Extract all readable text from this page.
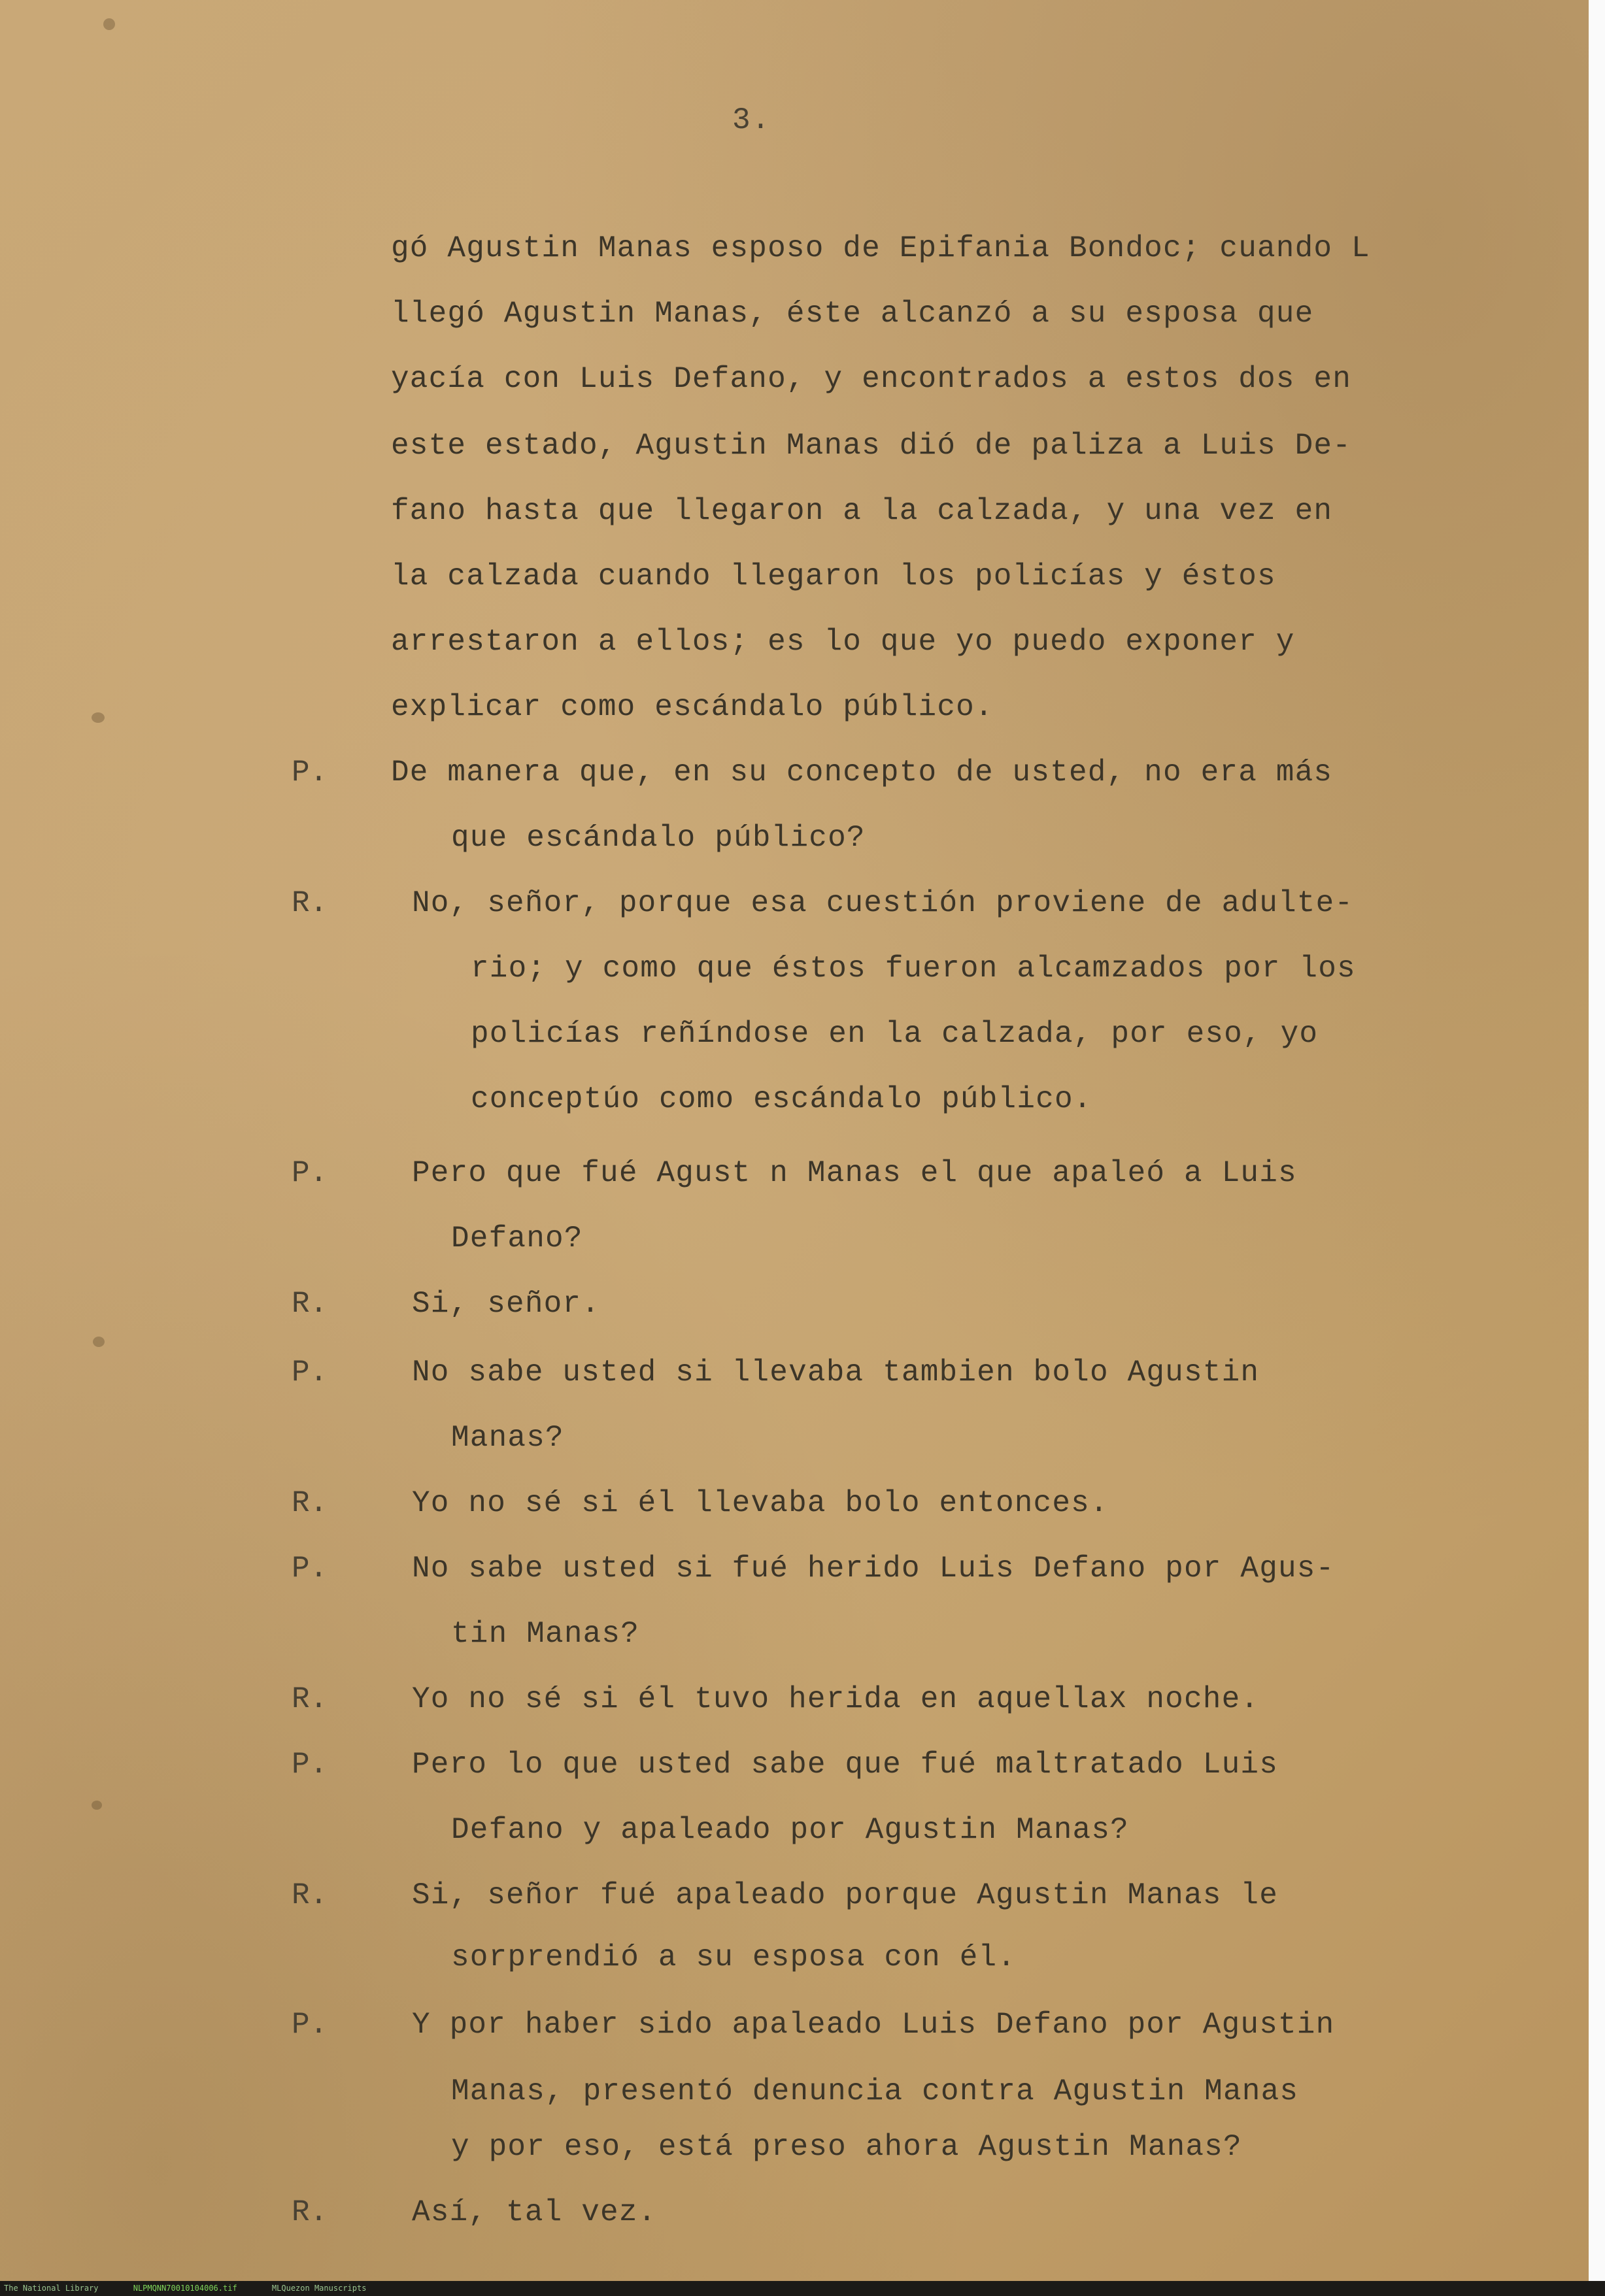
3.
gó Agustin Manas esposo de Epifania Bondoc; cuando L
llegó Agustin Manas, éste alcanzó a su esposa que
yacía con Luis Defano, y encontrados a estos dos en
este estado, Agustin Manas dió de paliza a Luis De-
fano hasta que llegaron a la calzada, y una vez en
la calzada cuando llegaron los policías y éstos
arrestaron a ellos; es lo que yo puedo exponer y
explicar como escándalo público.
P. De manera que, en su concepto de usted, no era más
que escándalo público?
R.	No, señor, porque esa cuestión proviene de adulte-
rio; y como que éstos fueron alcamzados por los
policías reñíndose en la calzada, por eso, yo
conceptúo como escándalo público.
P.	Pero que fué Agust n Manas el que apaleó a Luis
Defano?
R.	Si, señor.
P.	No sabe usted si llevaba tambien bolo Agustin
Manas?
R.	Yo no sé si él llevaba bolo entonces.
P.	No sabe usted si fué herido Luis Defano por Agus-
tin Manas?
R.	Yo no sé si él tuvo herida en aquellax noche.
P.	Pero lo que usted sabe que fué maltratado Luis
Defano y apaleado por Agustin Manas?
R.	Si, señor fué apaleado porque Agustin Manas le
sorprendió a su esposa con él.
P.	Y por haber sido apaleado Luis Defano por Agustin
Manas, presentó denuncia contra Agustin Manas
y por eso, está preso ahora Agustin Manas?
R.	Así, tal vez.
The National Library	NLPMQNN70010104006.tif	MLQuezon Manuscripts
